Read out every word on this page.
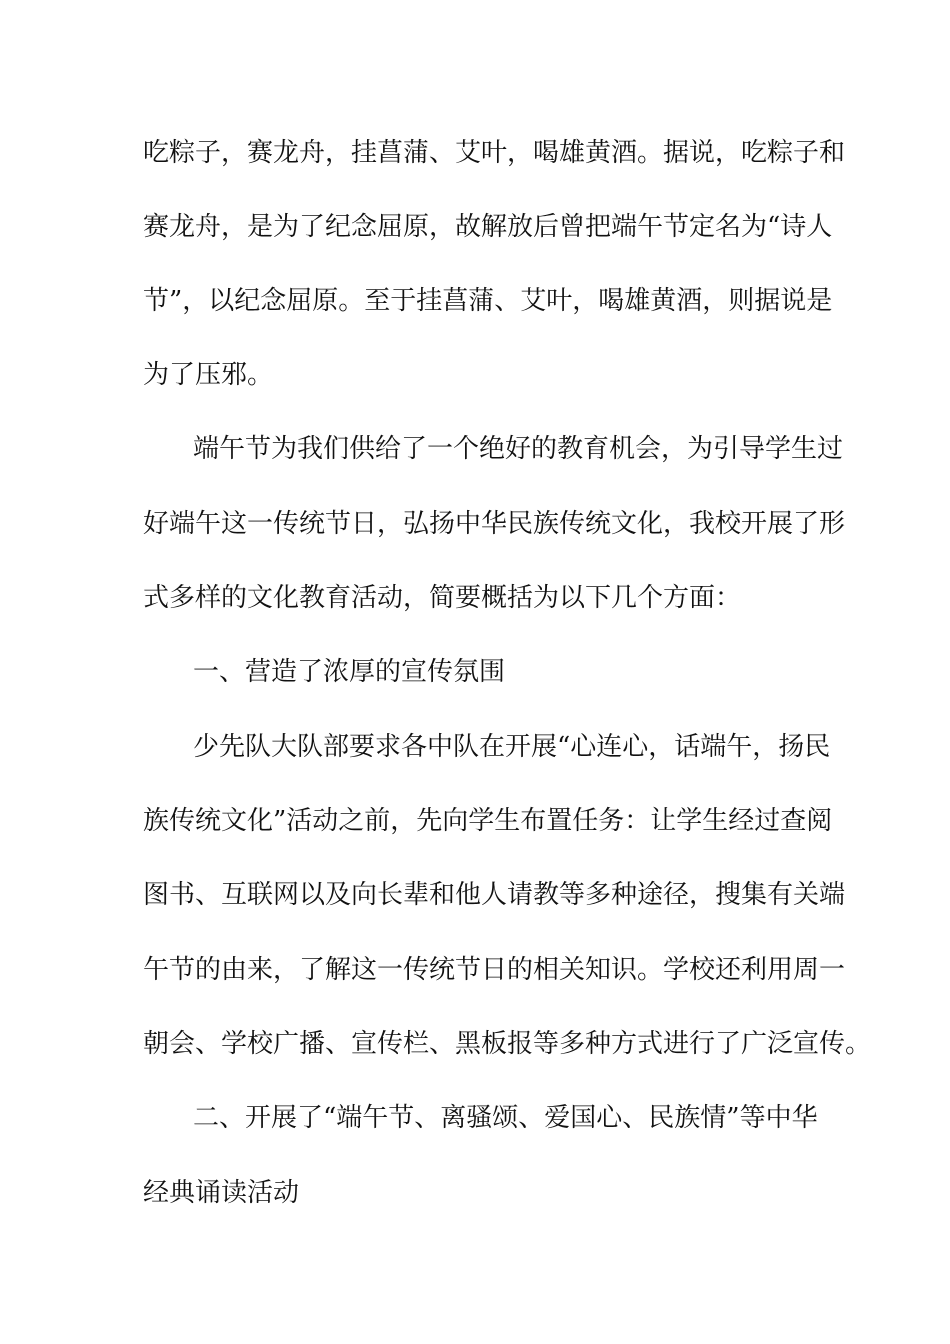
吃粽子，赛龙舟，挂菖蒲、艾叶，喝雄黄酒。据说，吃粽子和
赛龙舟，是为了纪念屈原，故解放后曾把端午节定名为“诗人
节”，以纪念屈原。至于挂菖蒲、艾叶，喝雄黄酒，则据说是
为了压邪。
端午节为我们供给了一个绝好的教育机会，为引导学生过
好端午这一传统节日，弘扬中华民族传统文化，我校开展了形
式多样的文化教育活动，简要概括为以下几个方面：
一、营造了浓厚的宣传氛围
少先队大队部要求各中队在开展“心连心，话端午，扬民
族传统文化”活动之前，先向学生布置任务：让学生经过查阅
图书、互联网以及向长辈和他人请教等多种途径，搜集有关端
午节的由来，了解这一传统节日的相关知识。学校还利用周一
朝会、学校广播、宣传栏、黑板报等多种方式进行了广泛宣传。
二、开展了“端午节、离骚颂、爱国心、民族情”等中华
经典诵读活动
